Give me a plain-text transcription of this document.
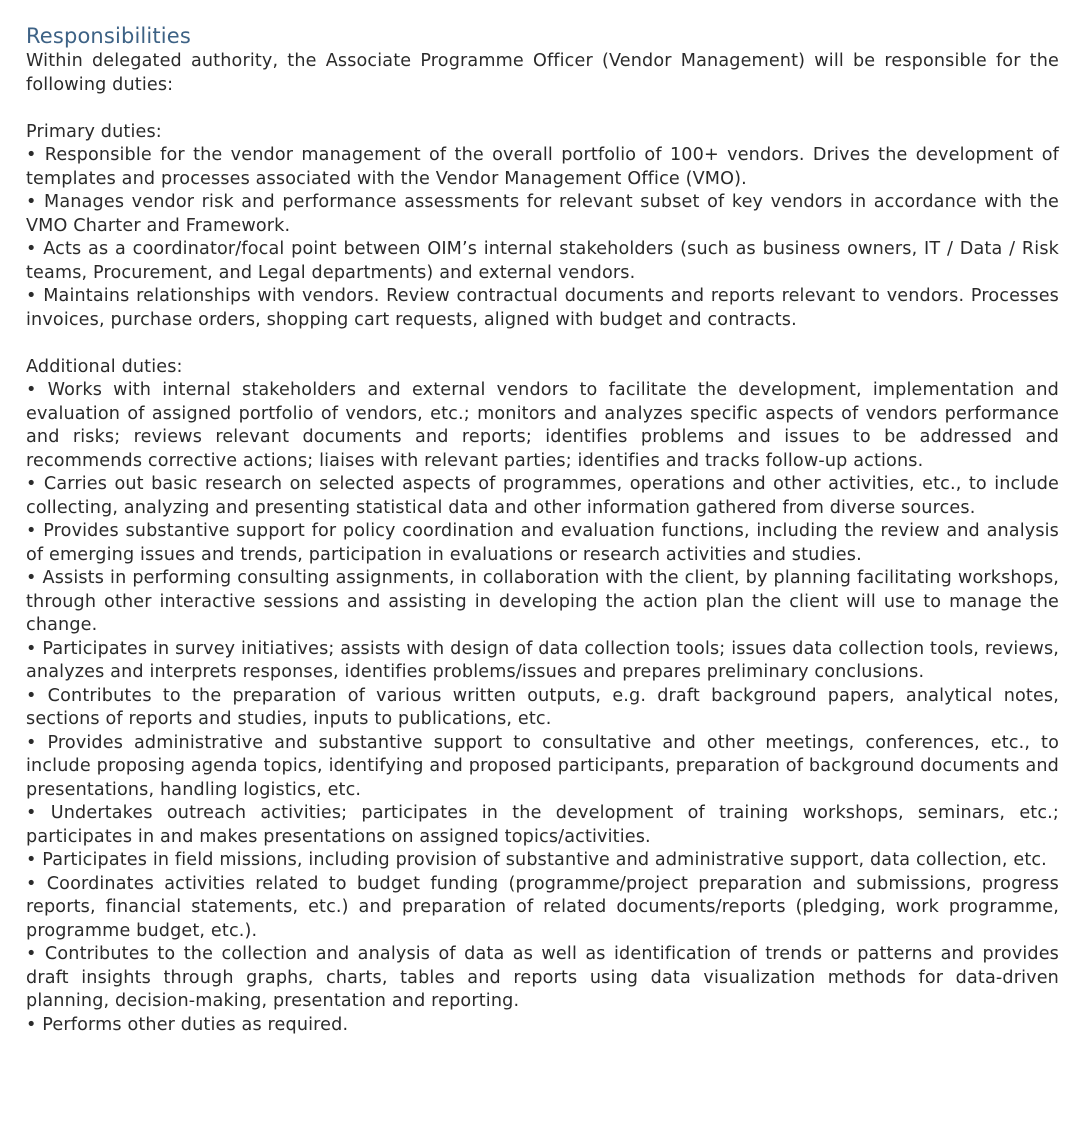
Responsibilities

Within delegated authority, the Associate Programme Officer (Vendor Management) will be responsible for the following duties:

Primary duties:

• Responsible for the vendor management of the overall portfolio of 100+ vendors. Drives the development of templates and processes associated with the Vendor Management Office (VMO).

• Manages vendor risk and performance assessments for relevant subset of key vendors in accordance with the VMO Charter and Framework.

• Acts as a coordinator/focal point between OIM’s internal stakeholders (such as business owners, IT / Data / Risk teams, Procurement, and Legal departments) and external vendors.

• Maintains relationships with vendors. Review contractual documents and reports relevant to vendors. Processes invoices, purchase orders, shopping cart requests, aligned with budget and contracts.

Additional duties:

• Works with internal stakeholders and external vendors to facilitate the development, implementation and evaluation of assigned portfolio of vendors, etc.; monitors and analyzes specific aspects of vendors performance and risks; reviews relevant documents and reports; identifies problems and issues to be addressed and recommends corrective actions; liaises with relevant parties; identifies and tracks follow-up actions.

• Carries out basic research on selected aspects of programmes, operations and other activities, etc., to include collecting, analyzing and presenting statistical data and other information gathered from diverse sources.

• Provides substantive support for policy coordination and evaluation functions, including the review and analysis of emerging issues and trends, participation in evaluations or research activities and studies.

• Assists in performing consulting assignments, in collaboration with the client, by planning facilitating workshops, through other interactive sessions and assisting in developing the action plan the client will use to manage the change.

• Participates in survey initiatives; assists with design of data collection tools; issues data collection tools, reviews, analyzes and interprets responses, identifies problems/issues and prepares preliminary conclusions.

• Contributes to the preparation of various written outputs, e.g. draft background papers, analytical notes, sections of reports and studies, inputs to publications, etc.

• Provides administrative and substantive support to consultative and other meetings, conferences, etc., to include proposing agenda topics, identifying and proposed participants, preparation of background documents and presentations, handling logistics, etc.

• Undertakes outreach activities; participates in the development of training workshops, seminars, etc.; participates in and makes presentations on assigned topics/activities.

• Participates in field missions, including provision of substantive and administrative support, data collection, etc.

• Coordinates activities related to budget funding (programme/project preparation and submissions, progress reports, financial statements, etc.) and preparation of related documents/reports (pledging, work programme, programme budget, etc.).

• Contributes to the collection and analysis of data as well as identification of trends or patterns and provides draft insights through graphs, charts, tables and reports using data visualization methods for data-driven planning, decision-making, presentation and reporting.

• Performs other duties as required.
